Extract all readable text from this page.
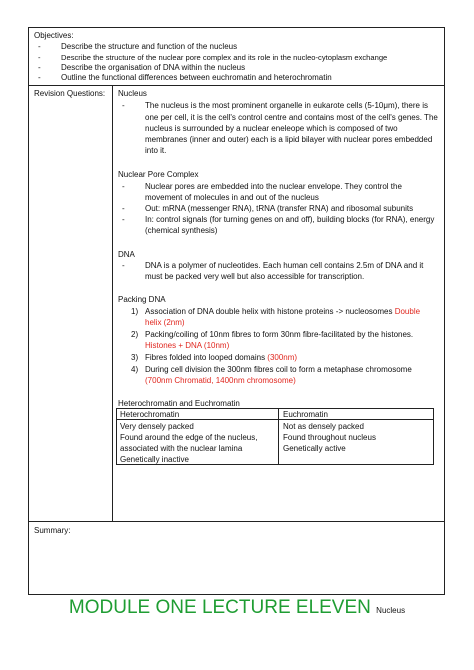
Objectives:
- Describe the structure and function of the nucleus
- Describe the structure of the nuclear pore complex and its role in the nucleo-cytoplasm exchange
- Describe the organisation of DNA within the nucleus
- Outline the functional differences between euchromatin and heterochromatin
Revision Questions: Nucleus
- The nucleus is the most prominent organelle in eukarote cells (5-10μm), there is
one per cell, it is the cell's control centre and contains most of the cell's genes. The
nucleus is surrounded by a nuclear eneleope which is composed of two
membranes (inner and outer) each is a lipid bilayer with nuclear pores embedded
into it.
Nuclear Pore Complex
- Nuclear pores are embedded into the nuclear envelope. They control the
- Out: mRNA (messenger RNA), tRNA (transfer RNA) and ribosomal subunits
- In: control signals (for turning genes on and off), building blocks (for RNA), energy
movement of molecules in and out of the nucleus
(chemical synthesis)
DNA
- DNA is a polymer of nucleotides. Each human cell contains 2.5m of DNA and it
must be packed very well but also accessible for transcription.
Packing DNA
1) Association of DNA double helix with histone proteins -> nucleosomes Double
helix (2nm)
2) Packing/coiling of 10nm fibres to form 30nm fibre-facilitated by the histones.
Histones + DNA (10nm)
3) Fibres folded into looped domains (300nm)
4) During cell division the 300nm fibres coil to form a metaphase chromosome
(700nm Chromatid, 1400nm chromosome)
Heterochromatin and Euchromatin
Heterochromatin	Euchromatin
Very densely packed
Found around the edge of the nucleus,
associated with the nuclear lamina
Genetically inactive
Not as densely packed
Found throughout nucleus
Genetically active
Summary:
MODULE ONE LECTURE ELEVEN Nucleus
